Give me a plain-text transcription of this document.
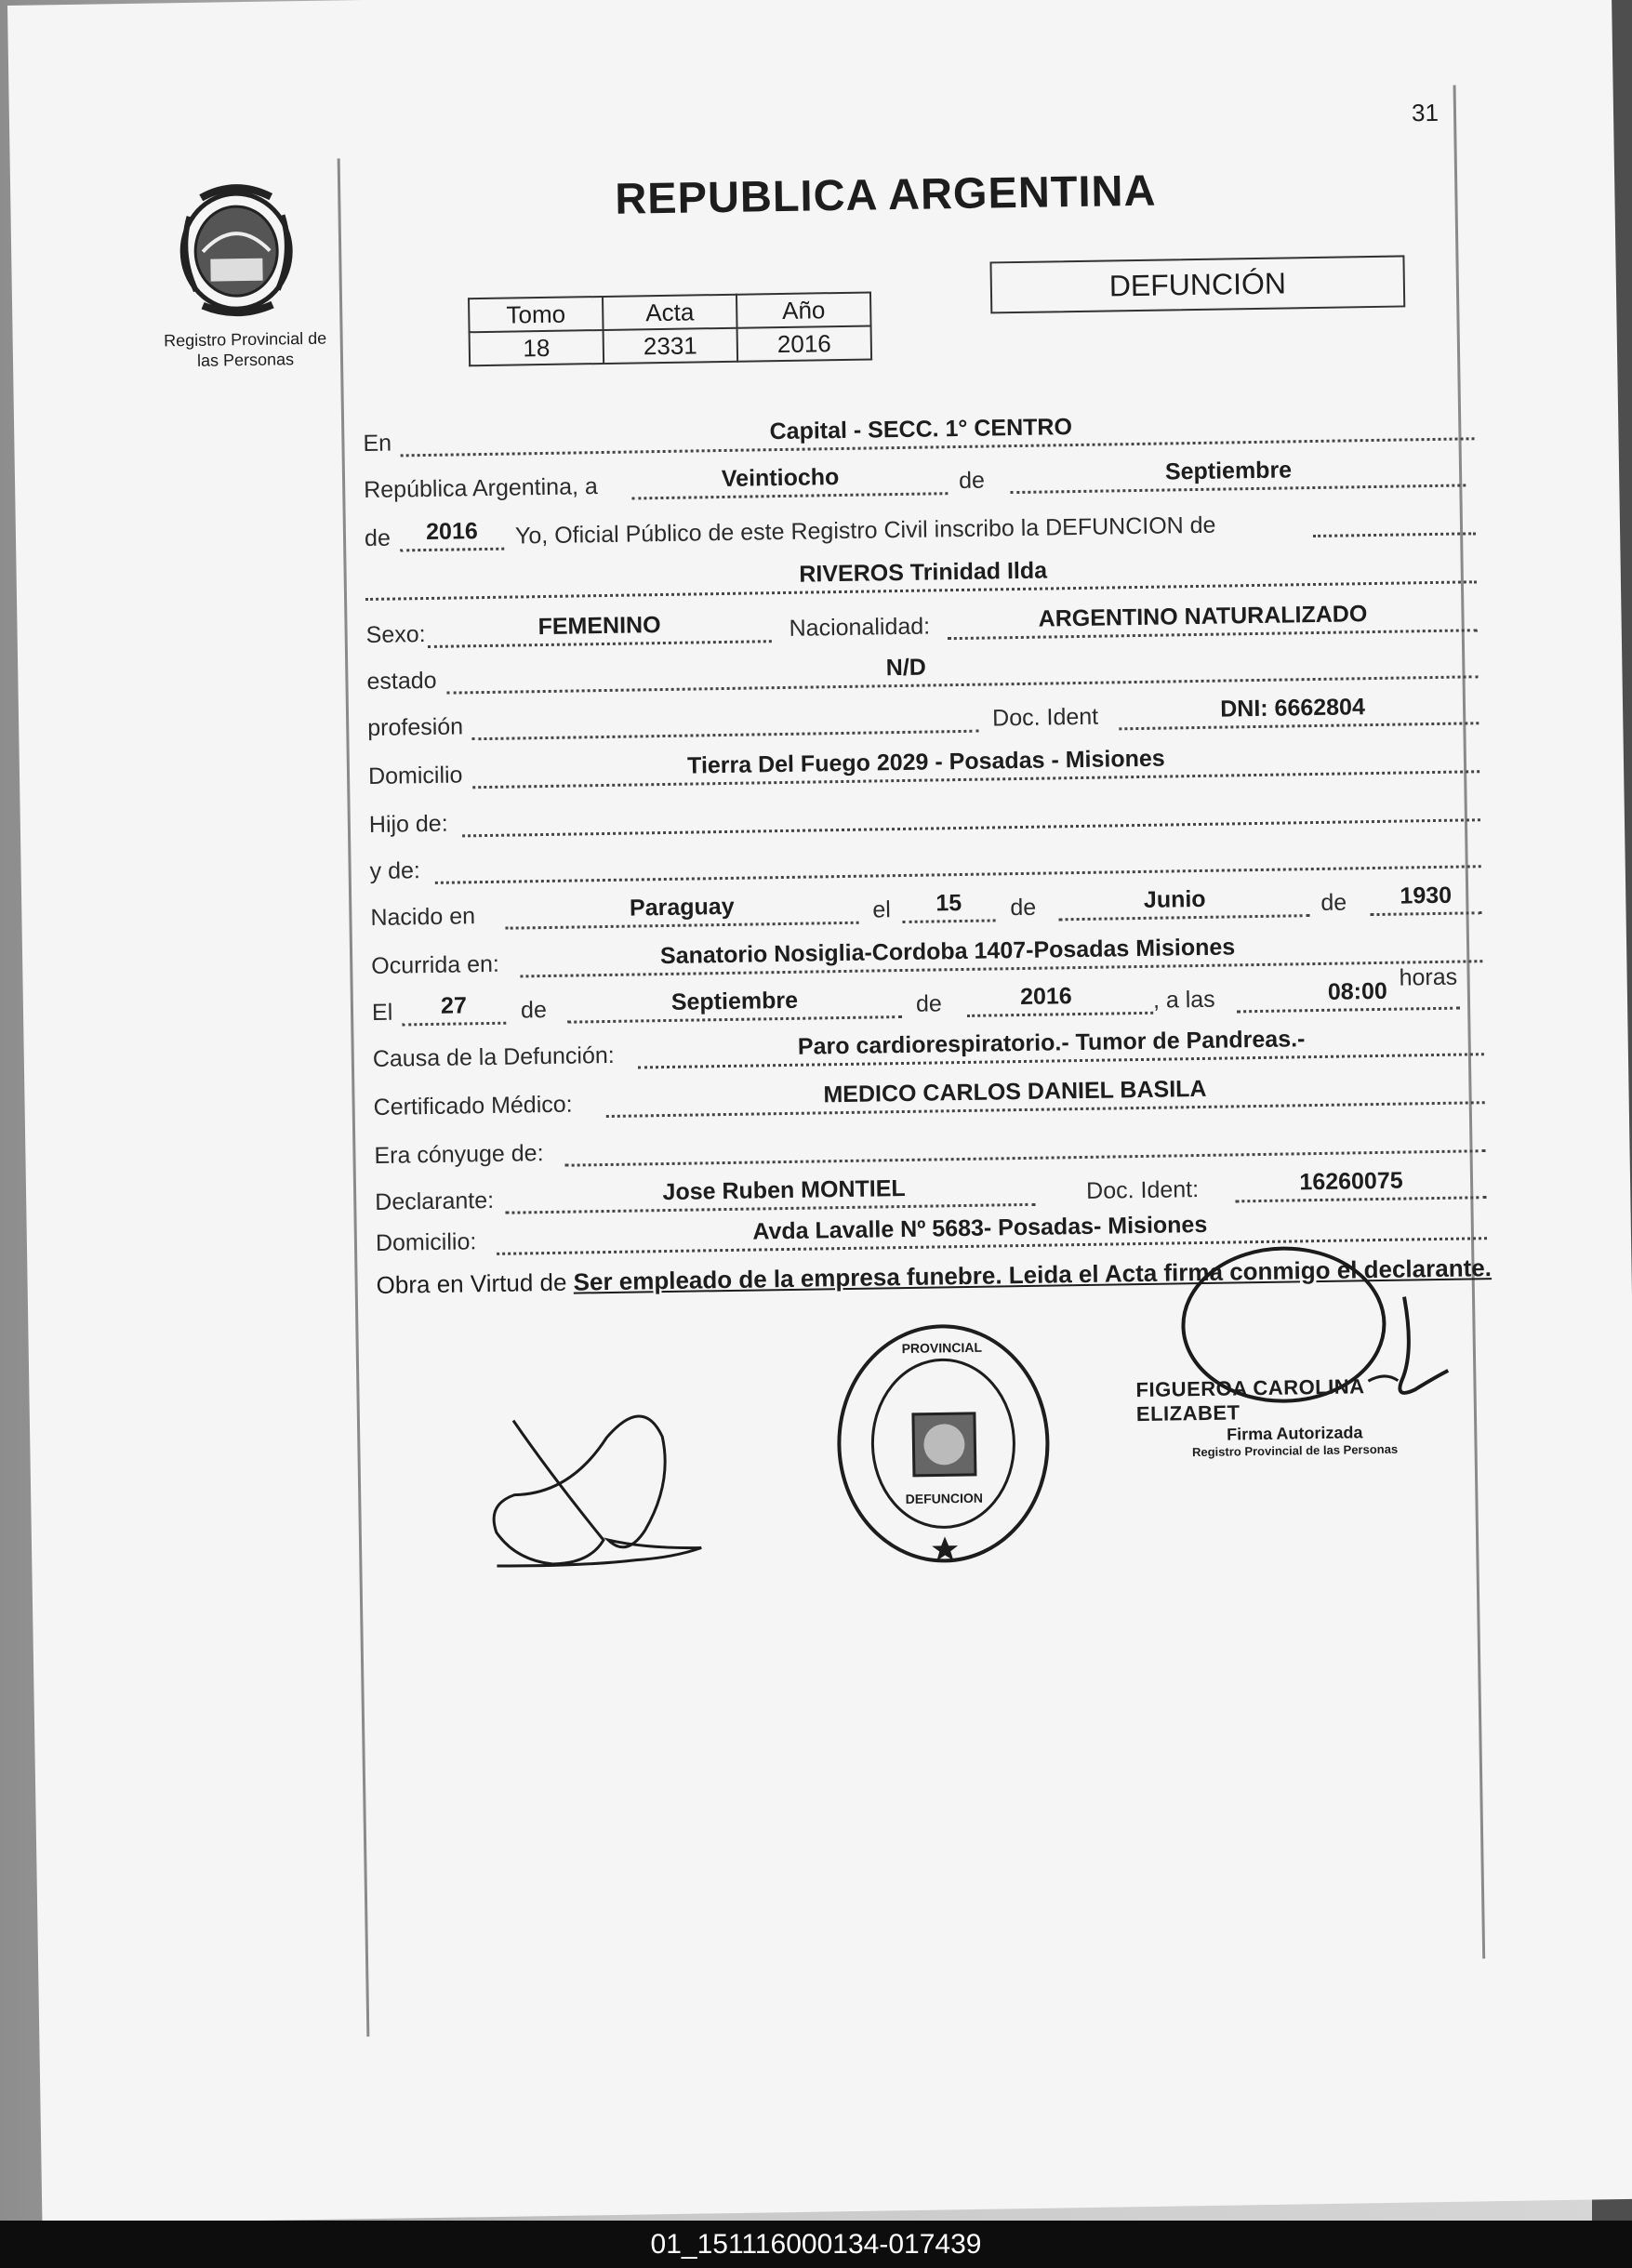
31
Registro Provincial de
las Personas
REPUBLICA ARGENTINA
Tomo	Acta	Año
18	2331	2016
DEFUNCIÓN
En	Capital - SECC. 1° CENTRO
República Argentina, a	Veintiocho	de	Septiembre
de	2016	Yo, Oficial Público de este Registro Civil inscribo la DEFUNCION de
RIVEROS Trinidad Ilda
Sexo:	FEMENINO	Nacionalidad:	ARGENTINO NATURALIZADO
estado	N/D
profesión	Doc. Ident	DNI: 6662804
Domicilio	Tierra Del Fuego 2029 - Posadas - Misiones
Hijo de:
y de:
Nacido en	Paraguay	el	15	de	Junio	de	1930
Ocurrida en:	Sanatorio Nosiglia-Cordoba 1407-Posadas Misiones
El	27	de	Septiembre	de	2016	, a las	08:00
horas
Causa de la Defunción:	Paro cardiorespiratorio.- Tumor de Pandreas.-
Certificado Médico:	MEDICO CARLOS DANIEL BASILA
Era cónyuge de:
Declarante:	Jose Ruben MONTIEL	Doc. Ident:	16260075
Domicilio:	Avda Lavalle Nº 5683- Posadas- Misiones
Obra en Virtud de Ser empleado de la empresa funebre. Leida el Acta firma conmigo el declarante.
PROVINCIAL
DEFUNCION
FIGUEROA CAROLINA ELIZABET
Firma Autorizada
Registro Provincial de las Personas
01_151116000134-017439
